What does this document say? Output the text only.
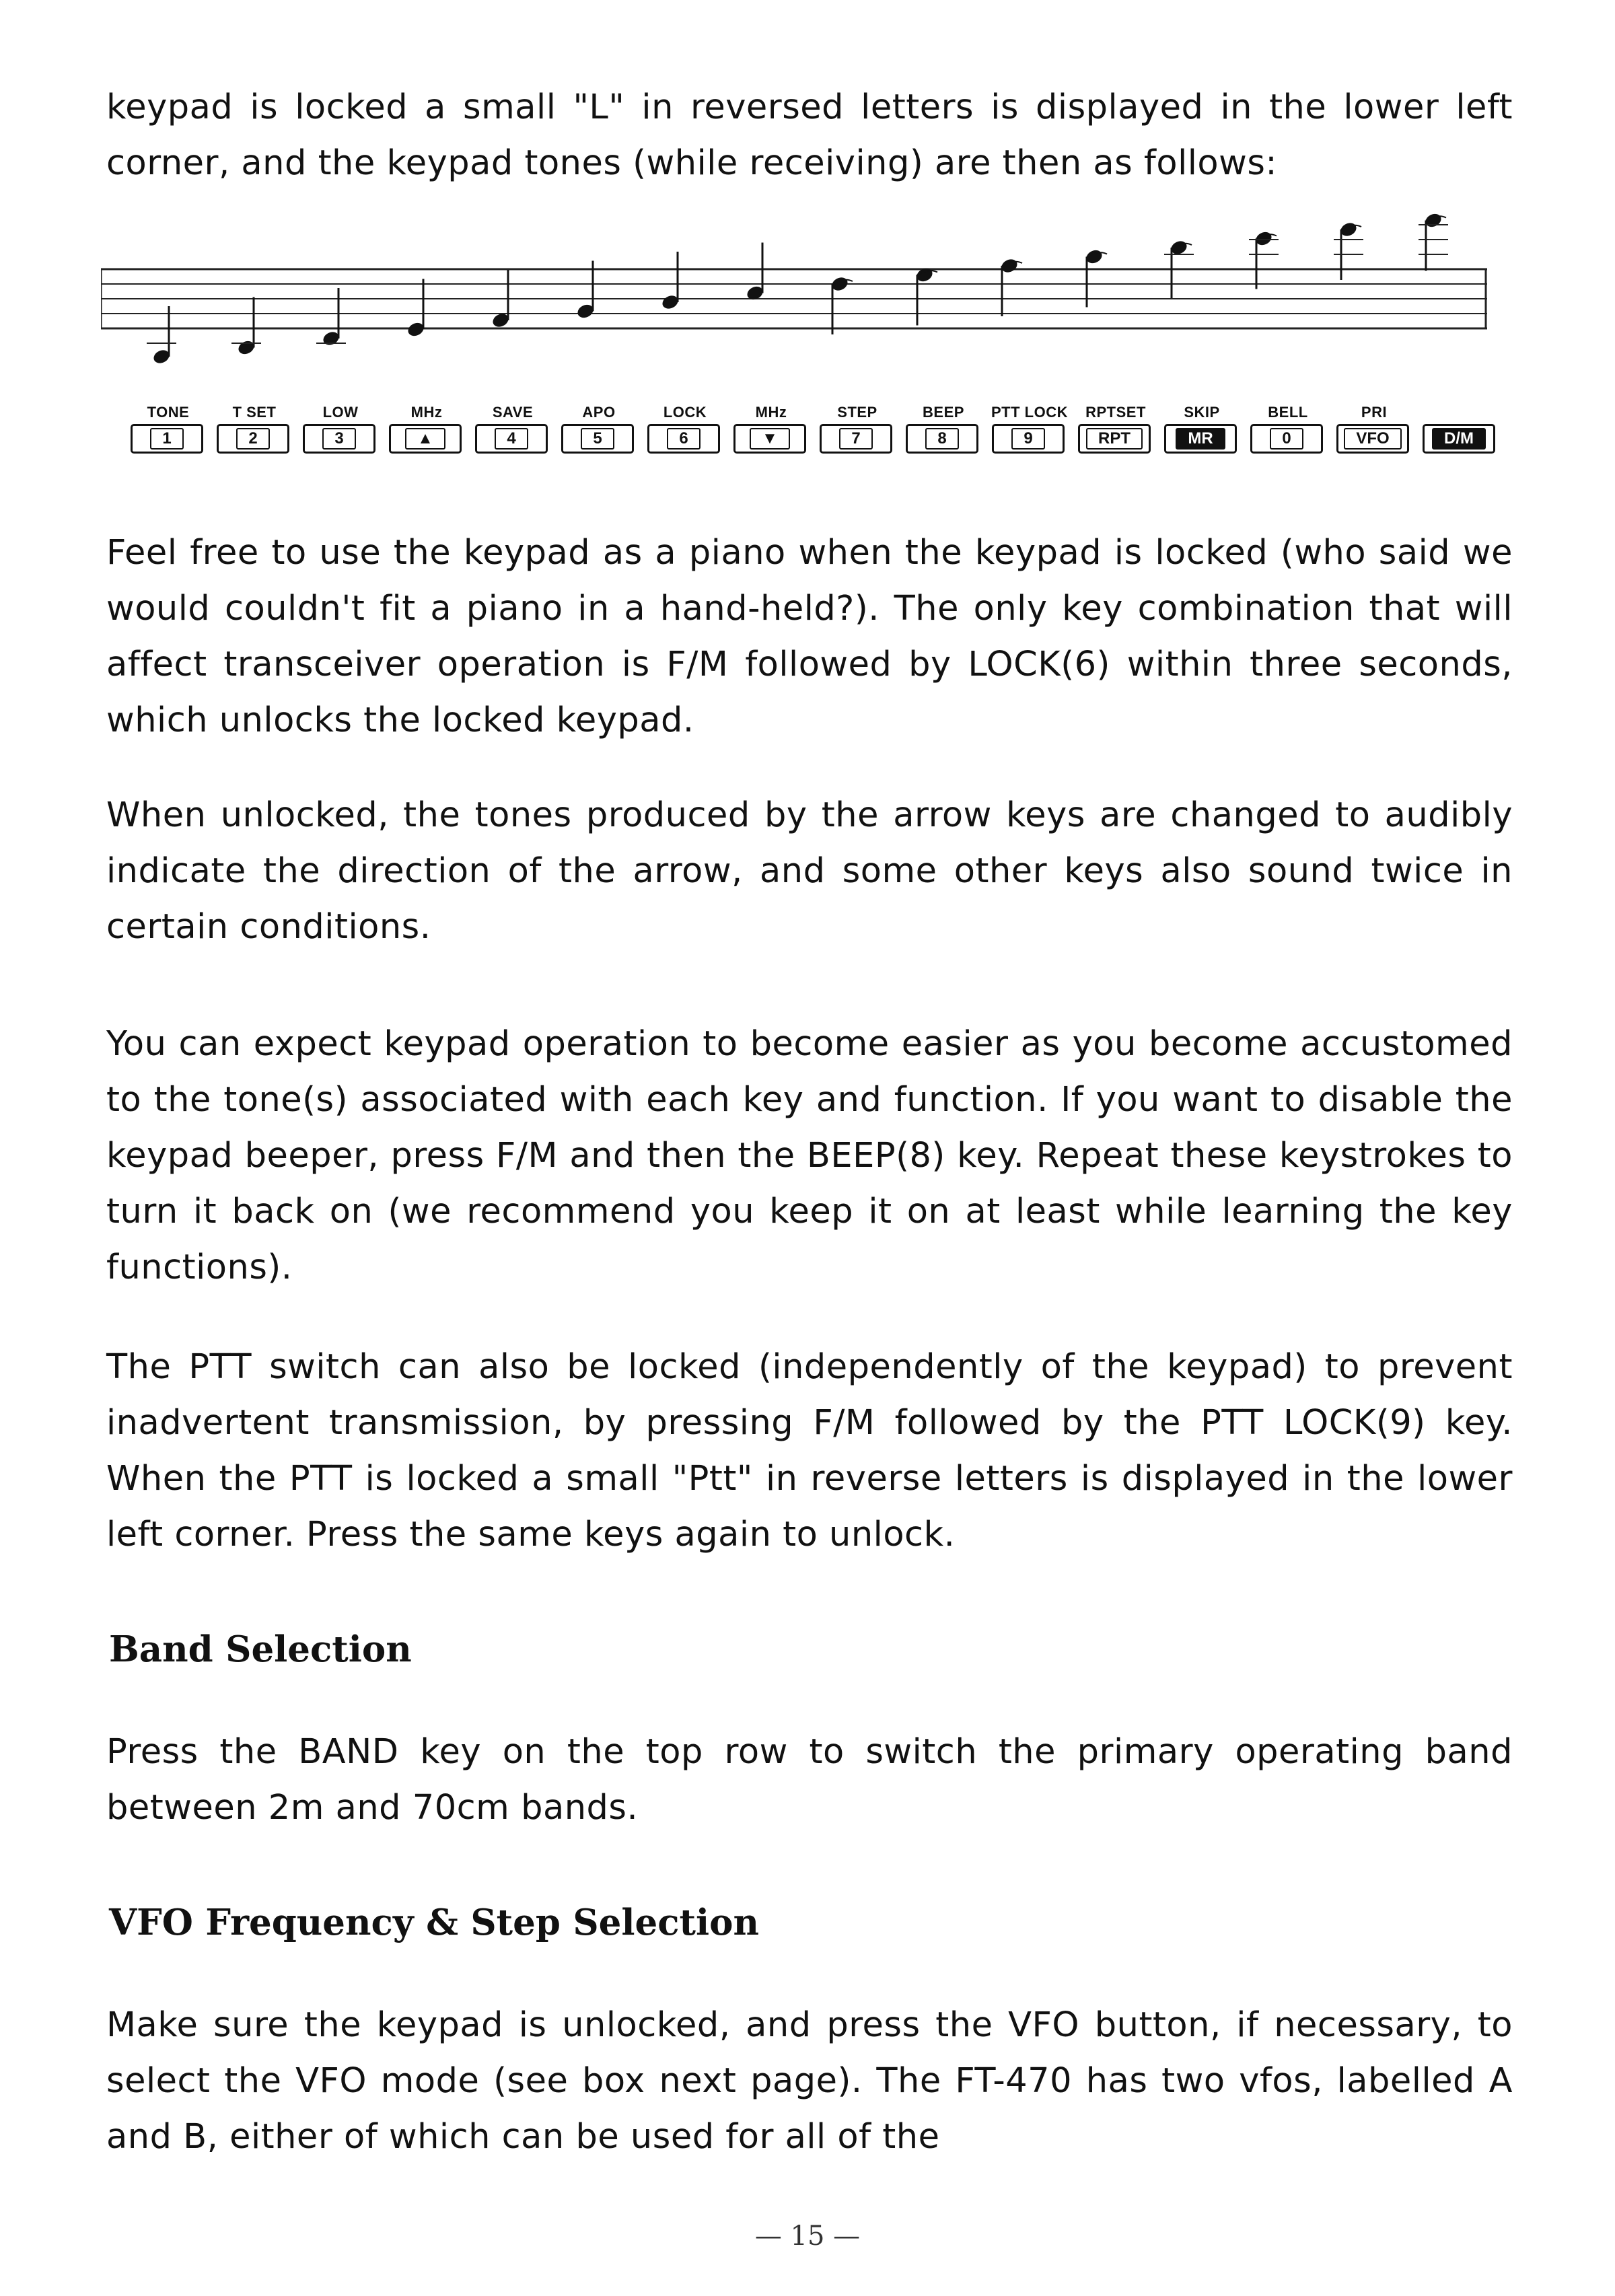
keypad is locked a small "L" in reversed letters is displayed in the lower left corner, and the keypad tones (while receiving) are then as follows:

TONE
1
T SET
2
LOW
3
MHz
▲
SAVE
4
APO
5
LOCK
6
MHz
▼
STEP
7
BEEP
8
PTT LOCK
9
RPTSET
RPT
SKIP
MR
BELL
0
PRI
VFO	D/M

Feel free to use the keypad as a piano when the keypad is locked (who said we would couldn't fit a piano in a hand-held?). The only key combination that will affect transceiver operation is F/M followed by LOCK(6) within three seconds, which unlocks the locked keypad.

When unlocked, the tones produced by the arrow keys are changed to audibly indicate the direction of the arrow, and some other keys also sound twice in certain conditions.

You can expect keypad operation to become easier as you become accustomed to the tone(s) associated with each key and function. If you want to disable the keypad beeper, press F/M and then the BEEP(8) key. Repeat these keystrokes to turn it back on (we recommend you keep it on at least while learning the key functions).

The PTT switch can also be locked (independently of the keypad) to prevent inadvertent transmission, by pressing F/M followed by the PTT LOCK(9) key. When the PTT is locked a small "Ptt" in reverse letters is displayed in the lower left corner. Press the same keys again to unlock.

Band Selection

Press the BAND key on the top row to switch the primary operating band between 2m and 70cm bands.

VFO Frequency & Step Selection

Make sure the keypad is unlocked, and press the VFO button, if necessary, to select the VFO mode (see box next page). The FT-470 has two vfos, labelled A and B, either of which can be used for all of the

— 15 —
